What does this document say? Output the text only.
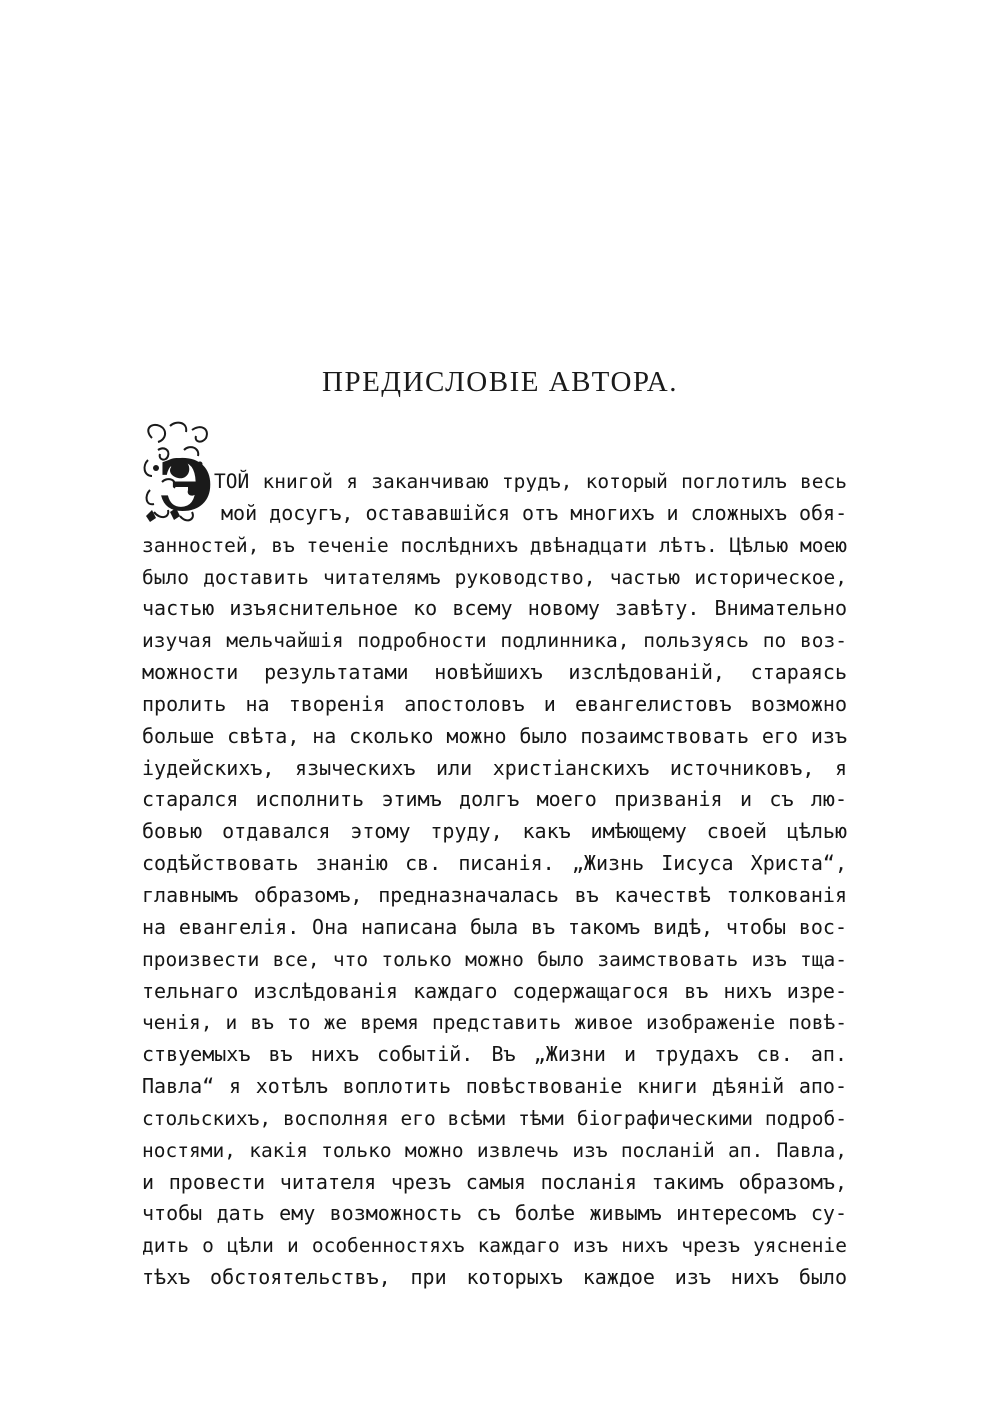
ПРЕДИСЛОВІЕ АВТОРА.
Э ТОЙ книгой я заканчиваю трудъ, который поглотилъ весь
мой досугъ, остававшійся отъ многихъ и сложныхъ обя-
занностей, въ теченіе послѣднихъ двѣнадцати лѣтъ. Цѣлью моею
было доставить читателямъ руководство, частью историческое,
частью изъяснительное ко всему новому завѣту. Внимательно
изучая мельчайшія подробности подлинника, пользуясь по воз-
можности результатами новѣйшихъ изслѣдованій, стараясь
пролить на творенія апостоловъ и евангелистовъ возможно
больше свѣта, на сколько можно было позаимствовать его изъ
іудейскихъ, языческихъ или христіанскихъ источниковъ, я
старался исполнить этимъ долгъ моего призванія и съ лю-
бовью отдавался этому труду, какъ имѣющему своей цѣлью
содѣйствовать знанію св. писанія. „Жизнь Іисуса Христа“,
главнымъ образомъ, предназначалась въ качествѣ толкованія
на евангелія. Она написана была въ такомъ видѣ, чтобы вос-
произвести все, что только можно было заимствовать изъ тща-
тельнаго изслѣдованія каждаго содержащагося въ нихъ изре-
ченія, и въ то же время представить живое изображеніе повѣ-
ствуемыхъ въ нихъ событій. Въ „Жизни и трудахъ св. ап.
Павла“ я хотѣлъ воплотить повѣствованіе книги дѣяній апо-
стольскихъ, восполняя его всѣми тѣми біографическими подроб-
ностями, какія только можно извлечь изъ посланій ап. Павла,
и провести читателя чрезъ самыя посланія такимъ образомъ,
чтобы дать ему возможность съ болѣе живымъ интересомъ су-
дить о цѣли и особенностяхъ каждаго изъ нихъ чрезъ уясненіе
тѣхъ обстоятельствъ, при которыхъ каждое изъ нихъ было
